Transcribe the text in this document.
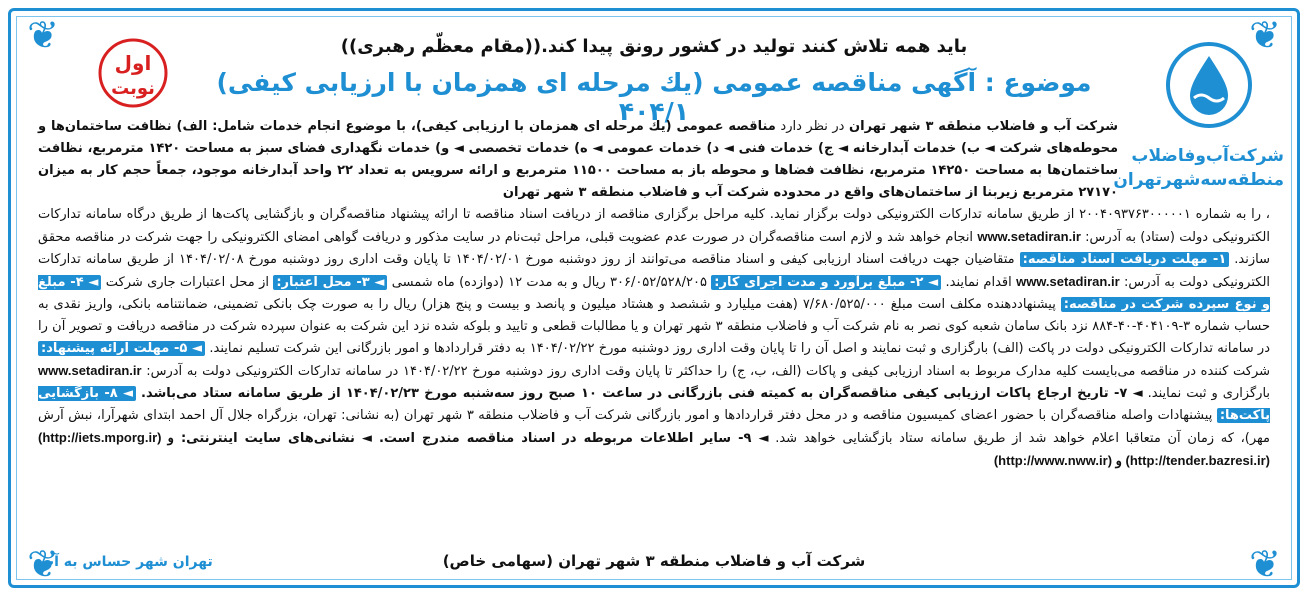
❦	❦
❦	❦
شرکت‌آب‌وفاضلاب
منطقه‌سه‌شهرتهران
اول
نوبت
باید همه تلاش کنند تولید در کشور رونق پیدا کند.((مقام معظّم رهبری))
موضوع : آگهی مناقصه عمومی (یك مرحله ای همزمان با ارزیابی كیفی) ۴۰۴/۱

شرکت آب و فاضلاب منطقه ۳ شهر تهران در نظر دارد مناقصه عمومی (یك مرحله ای همزمان با ارزیابی کیفی)، با موضوع انجام خدمات شامل: الف) نظافت ساختمان‌ها و محوطه‌های شرکت ◄ ب) خدمات آبدارخانه ◄ ج) خدمات فنی ◄ د) خدمات عمومی ◄ ه) خدمات تخصصی ◄ و) خدمات نگهداری فضای سبز به مساحت ۱۴۲۰ مترمربع، نظافت ساختمان‌ها به مساحت ۱۴۲۵۰ مترمربع، نظافت فضاها و محوطه باز به مساحت ۱۱۵۰۰ مترمربع و ارائه سرویس به تعداد ۲۲ واحد آبدارخانه موجود، جمعاً حجم کار به میزان ۲۷۱۷۰ مترمربع زیربنا از ساختمان‌های واقع در محدوده شرکت آب و فاضلاب منطقه ۳ شهر تهران

، را به شماره ۲۰۰۴۰۹۳۷۶۳۰۰۰۰۰۱ از طریق سامانه تدارکات الکترونیکی دولت برگزار نماید. کلیه مراحل برگزاری مناقصه از دریافت اسناد مناقصه تا ارائه پیشنهاد مناقصه‌گران و بازگشایی پاکت‌ها از طریق درگاه سامانه تدارکات الکترونیکی دولت (ستاد) به آدرس: www.setadiran.ir انجام خواهد شد و لازم است مناقصه‌گران در صورت عدم عضویت قبلی، مراحل ثبت‌نام در سایت مذکور و دریافت گواهی امضای الکترونیکی را جهت شرکت در مناقصه محقق سازند. ۱- مهلت دریافت اسناد مناقصه: متقاضیان جهت دریافت اسناد ارزیابی کیفی و اسناد مناقصه می‌توانند از روز دوشنبه مورخ ۱۴۰۴/۰۲/۰۱ تا پایان وقت اداری روز دوشنبه مورخ ۱۴۰۴/۰۲/۰۸ از طریق سامانه تدارکات الکترونیکی دولت به آدرس: www.setadiran.ir اقدام نمایند. ◄ ۲- مبلغ برآورد و مدت اجرای کار: ۳۰۶/۰۵۲/۵۲۸/۲۰۵ ریال و به مدت ۱۲ (دوازده) ماه شمسی ◄ ۳- محل اعتبار: از محل اعتبارات جاری شرکت ◄ ۴- مبلغ و نوع سپرده شرکت در مناقصه: پیشنهاددهنده مکلف است مبلغ ۷/۶۸۰/۵۲۵/۰۰۰ (هفت میلیارد و ششصد و هشتاد میلیون و پانصد و بیست و پنج هزار) ریال را به صورت چک بانکی تضمینی، ضمانتنامه بانکی، واریز نقدی به حساب شماره ۳-۴۰۴۱۰۹-۴۰-۸۸۴ نزد بانک سامان شعبه کوی نصر به نام شرکت آب و فاضلاب منطقه ۳ شهر تهران و یا مطالبات قطعی و تایید و بلوکه شده نزد این شرکت به عنوان سپرده شرکت در مناقصه دریافت و تصویر آن را در سامانه تدارکات الکترونیکی دولت در پاکت (الف) بارگزاری و ثبت نمایند و اصل آن را تا پایان وقت اداری روز دوشنبه مورخ ۱۴۰۴/۰۲/۲۲ به دفتر قراردادها و امور بازرگانی این شرکت تسلیم نمایند. ◄ ۵- مهلت ارائه پیشنهاد: شرکت کننده در مناقصه می‌بایست کلیه مدارک مربوط به اسناد ارزیابی کیفی و پاکات (الف، ب، ج) را حداکثر تا پایان وقت اداری روز دوشنبه مورخ ۱۴۰۴/۰۲/۲۲ در سامانه تدارکات الکترونیکی دولت به آدرس: www.setadiran.ir بارگزاری و ثبت نمایند. ◄ ۷- تاریخ ارجاع پاکات ارزیابی کیفی مناقصه‌گران به کمیته فنی بازرگانی در ساعت ۱۰ صبح روز سه‌شنبه مورخ ۱۴۰۴/۰۲/۲۳ از طریق سامانه ستاد می‌باشد. ◄ ۸- بازگشایی پاکت‌ها: پیشنهادات واصله مناقصه‌گران با حضور اعضای کمیسیون مناقصه و در محل دفتر قراردادها و امور بازرگانی شرکت آب و فاضلاب منطقه ۳ شهر تهران (به نشانی: تهران، بزرگراه جلال آل احمد ابتدای شهرآرا، نبش آرش مهر)، که زمان آن متعاقبا اعلام خواهد شد از طریق سامانه ستاد بازگشایی خواهد شد. ◄ ۹- سایر اطلاعات مربوطه در اسناد مناقصه مندرج است. ◄ نشانی‌های سایت اینترنتی: (http://iets.mporg.ir) و (http://www.nww.ir) و (http://tender.bazresi.ir)

شرکت آب و فاضلاب منطقه ۳ شهر تهران (سهامی خاص)
تهران شهر حساس به آب
